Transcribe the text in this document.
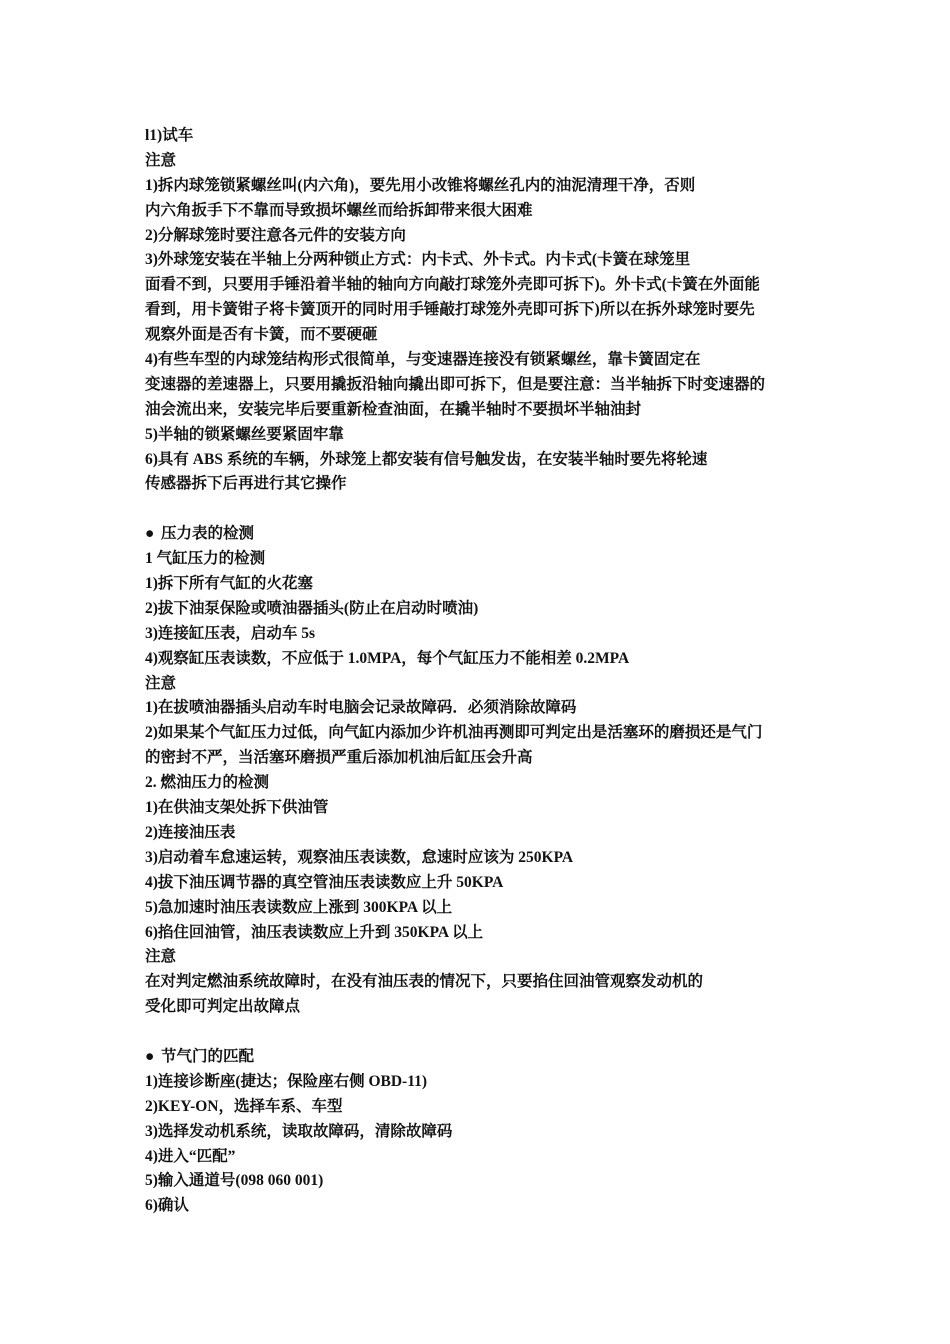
l1)试车
注意
1)拆内球笼锁紧螺丝叫(内六角)，要先用小改锥将螺丝孔内的油泥清理干净，否则
内六角扳手下不靠而导致损坏螺丝而给拆卸带来很大困难
2)分解球笼时要注意各元件的安装方向
3)外球笼安装在半轴上分两种锁止方式：内卡式、外卡式。内卡式(卡簧在球笼里
面看不到，只要用手锤沿着半轴的轴向方向敲打球笼外壳即可拆下)。外卡式(卡簧在外面能
看到，用卡簧钳子将卡簧顶开的同时用手锤敲打球笼外壳即可拆下)所以在拆外球笼时要先
观察外面是否有卡簧，而不要硬砸
4)有些车型的内球笼结构形式很简单，与变速器连接没有锁紧螺丝，靠卡簧固定在
变速器的差速器上，只要用撬扳沿轴向撬出即可拆下，但是要注意：当半轴拆下时变速器的
油会流出来，安装完毕后要重新检查油面，在撬半轴时不要损坏半轴油封
5)半轴的锁紧螺丝要紧固牢靠
6)具有 ABS 系统的车辆，外球笼上都安装有信号触发齿，在安装半轴时要先将轮速
传感器拆下后再进行其它操作
● 压力表的检测
1 气缸压力的检测
1)拆下所有气缸的火花塞
2)拔下油泵保险或喷油器插头(防止在启动时喷油)
3)连接缸压表，启动车 5s
4)观察缸压表读数，不应低于 1.0MPA，每个气缸压力不能相差 0.2MPA
注意
1)在拔喷油器插头启动车时电脑会记录故障码．必须消除故障码
2)如果某个气缸压力过低，向气缸内添加少许机油再测即可判定出是活塞环的磨损还是气门
的密封不严，当活塞环磨损严重后添加机油后缸压会升高
2. 燃油压力的检测
1)在供油支架处拆下供油管
2)连接油压表
3)启动着车怠速运转，观察油压表读数，怠速时应该为 250KPA
4)拔下油压调节器的真空管油压表读数应上升 50KPA
5)急加速时油压表读数应上涨到 300KPA 以上
6)掐住回油管，油压表读数应上升到 350KPA 以上
注意
在对判定燃油系统故障时，在没有油压表的情况下，只要掐住回油管观察发动机的
受化即可判定出故障点
● 节气门的匹配
1)连接诊断座(捷达；保险座右侧 OBD-11)
2)KEY-ON，选择车系、车型
3)选择发动机系统，读取故障码，清除故障码
4)进入“匹配”
5)输入通道号(098 060 001)
6)确认
